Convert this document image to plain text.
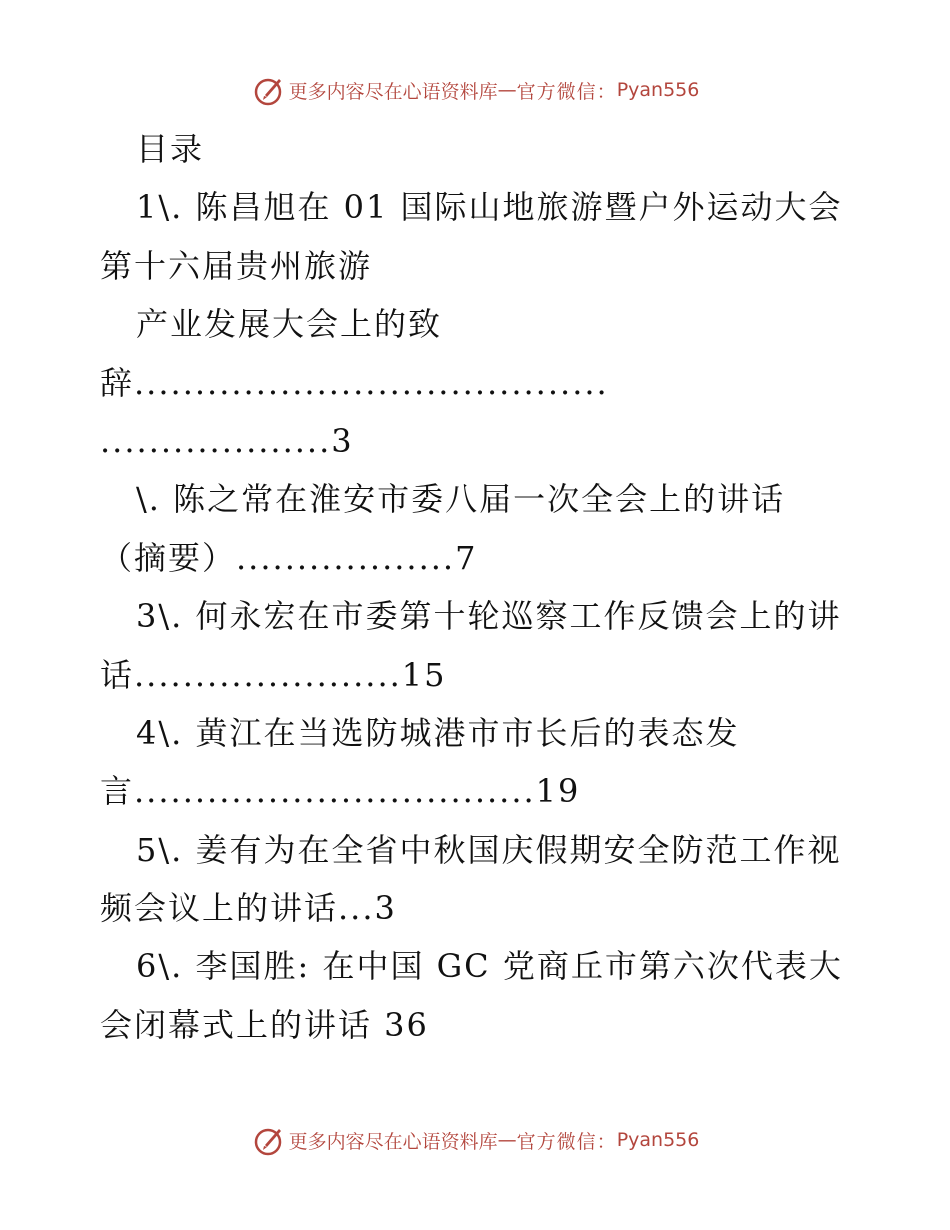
更多内容尽在心语资料库 — 官方微信： Pyan556
目录
1\. 陈昌旭在 01 国际山地旅游暨户外运动大会
第十六届贵州旅游
产业发展大会上的致
辞.......................................
...................3
\. 陈之常在淮安市委八届一次全会上的讲话
（摘要）..................7
3\. 何永宏在市委第十轮巡察工作反馈会上的讲
话......................15
4\. 黄江在当选防城港市市长后的表态发
言.................................19
5\. 姜有为在全省中秋国庆假期安全防范工作视
频会议上的讲话...3
6\. 李国胜: 在中国 GC 党商丘市第六次代表大
会闭幕式上的讲话 36
更多内容尽在心语资料库 — 官方微信： Pyan556
